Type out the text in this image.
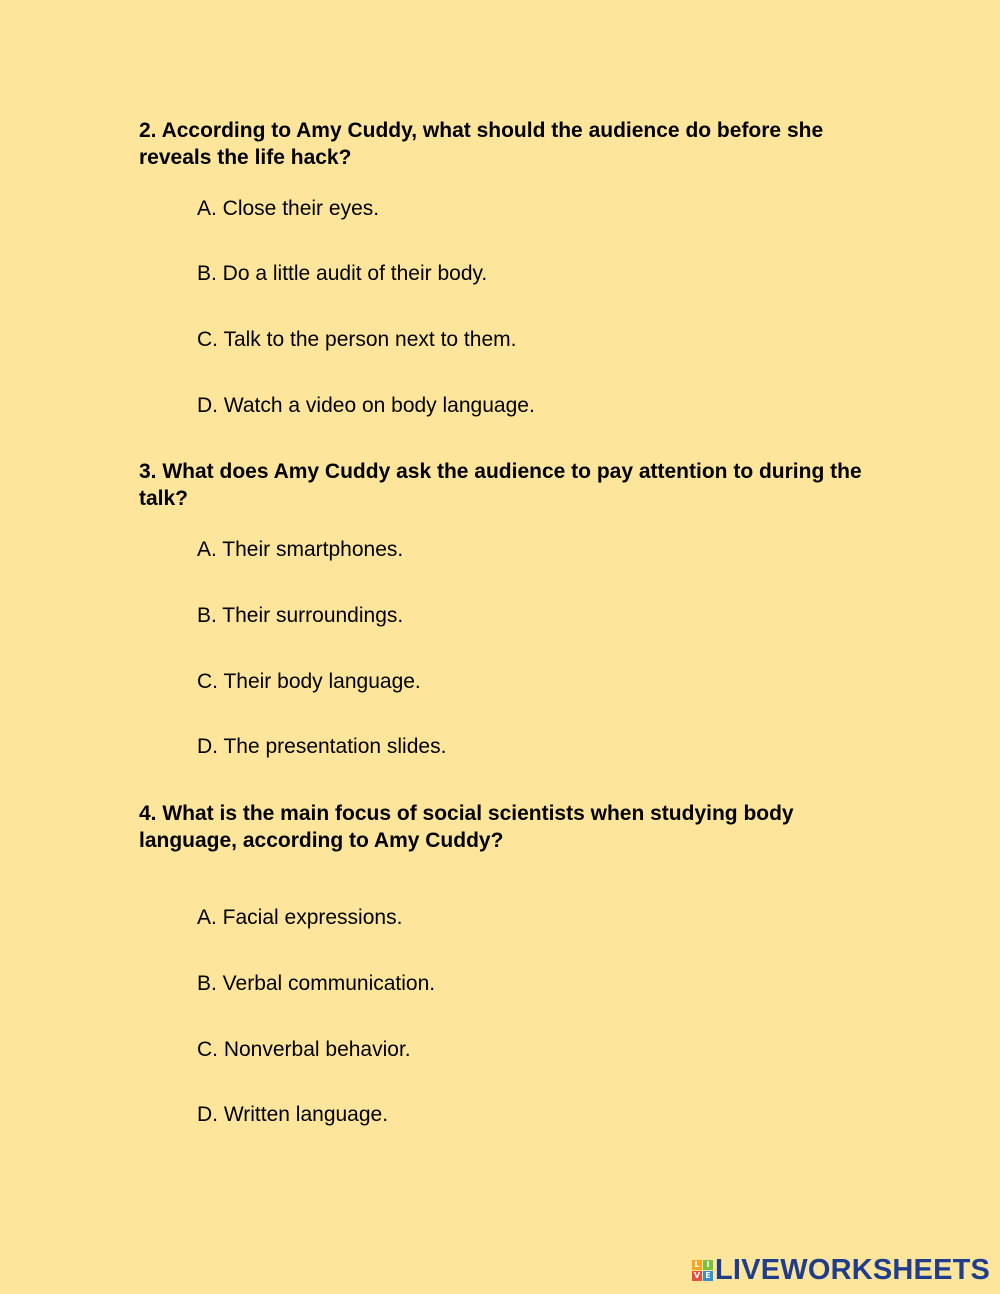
2. According to Amy Cuddy, what should the audience do before she reveals the life hack?
A. Close their eyes.
B. Do a little audit of their body.
C. Talk to the person next to them.
D. Watch a video on body language.
3. What does Amy Cuddy ask the audience to pay attention to during the talk?
A. Their smartphones.
B. Their surroundings.
C. Their body language.
D. The presentation slides.
4. What is the main focus of social scientists when studying body language, according to Amy Cuddy?
A. Facial expressions.
B. Verbal communication.
C. Nonverbal behavior.
D. Written language.
L I
V E LIVEWORKSHEETS
